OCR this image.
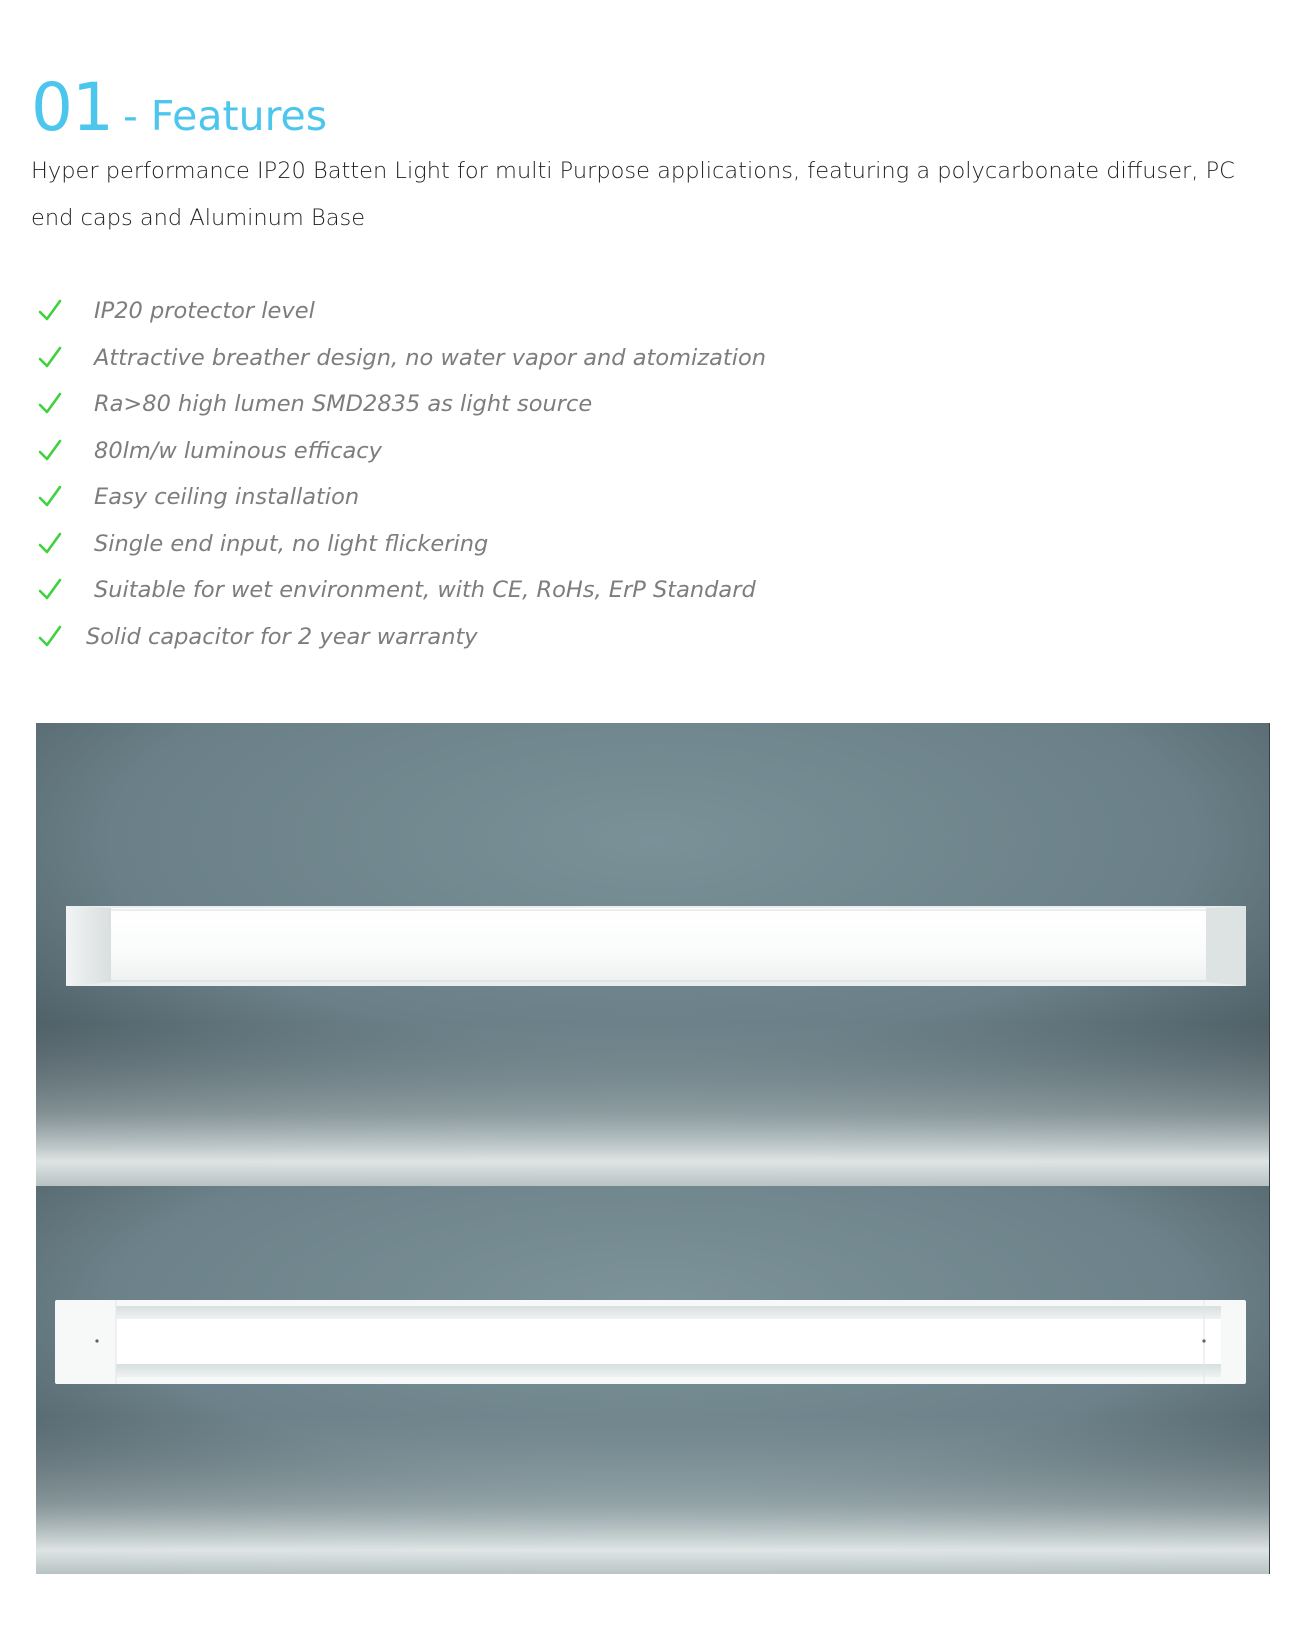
01 - Features
Hyper performance IP20 Batten Light for multi Purpose applications, featuring a polycarbonate diffuser, PC end caps and Aluminum Base
IP20 protector level
Attractive breather design, no water vapor and atomization
Ra>80 high lumen SMD2835 as light source
80lm/w luminous efficacy
Easy ceiling installation
Single end input, no light flickering
Suitable for wet environment, with CE, RoHs, ErP Standard
Solid capacitor for 2 year warranty
